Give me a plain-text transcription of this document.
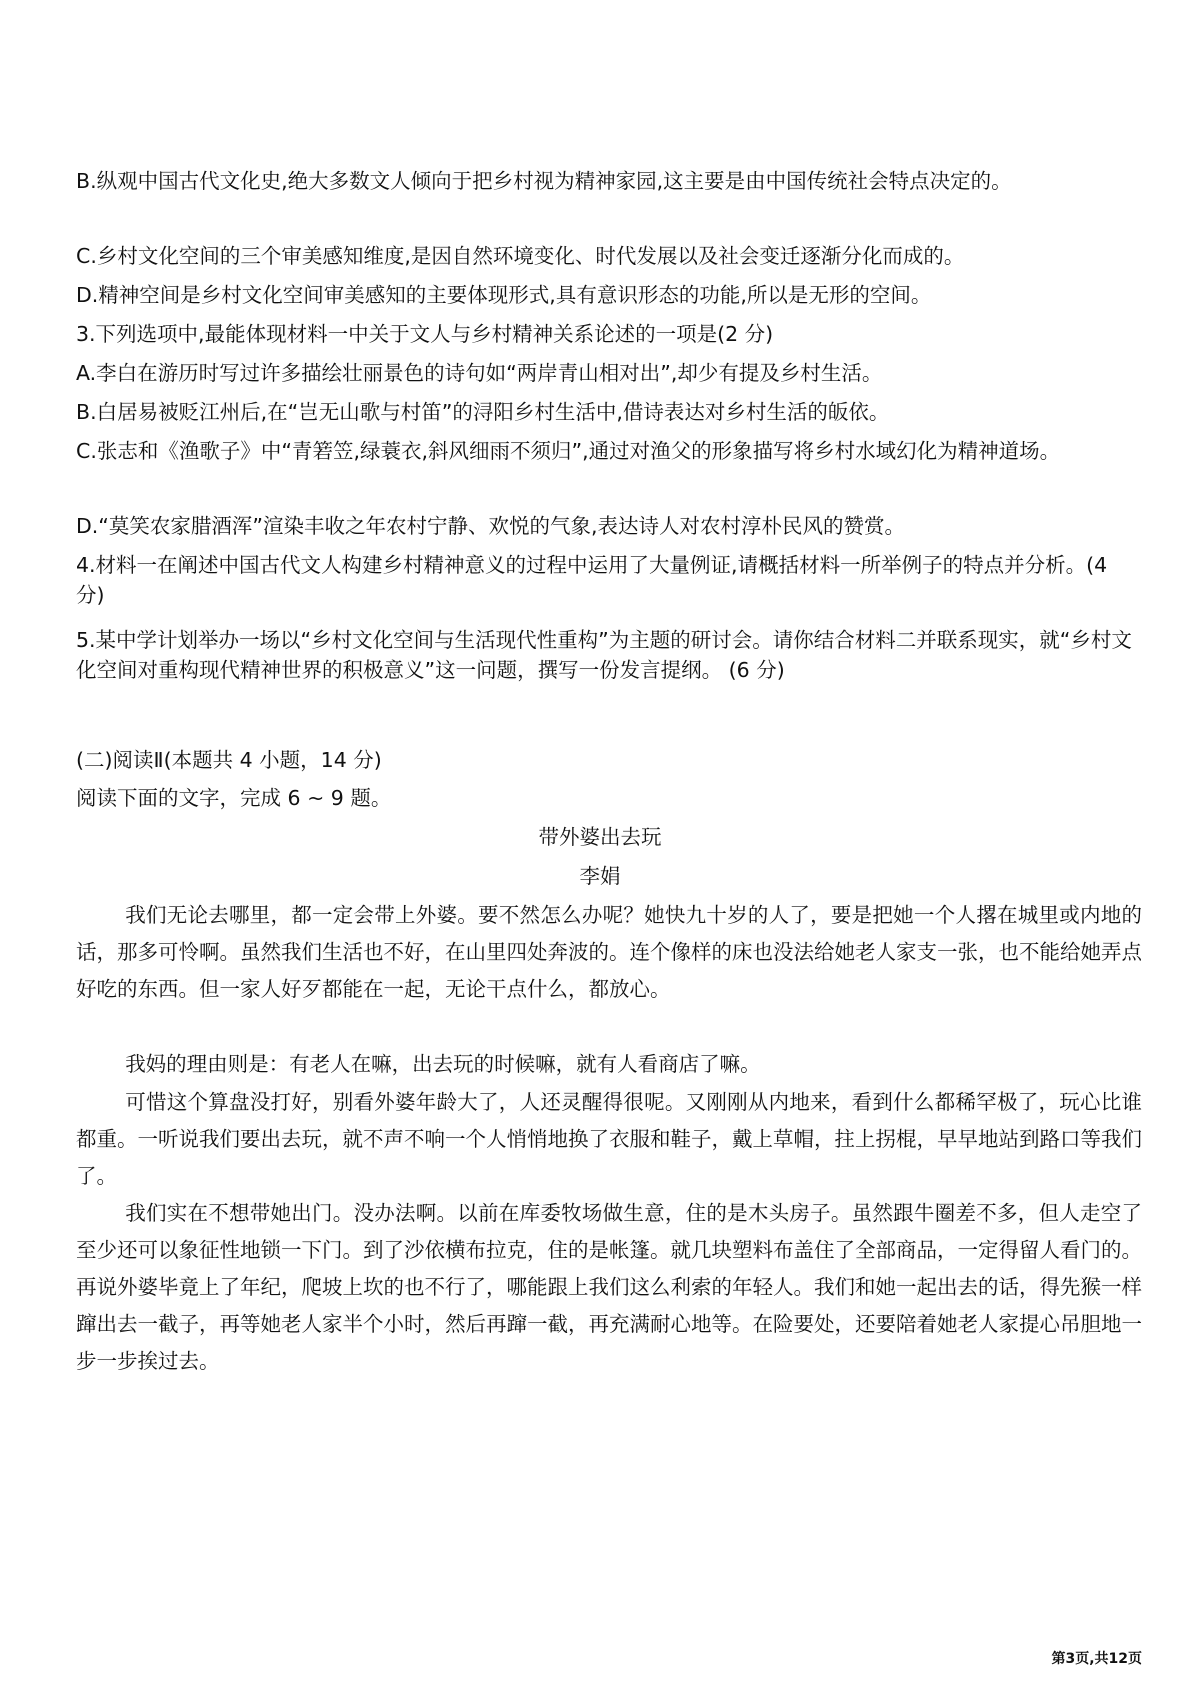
B.纵观中国古代文化史,绝大多数文人倾向于把乡村视为精神家园,这主要是由中国传统社会特点决定的。
C.乡村文化空间的三个审美感知维度,是因自然环境变化、时代发展以及社会变迁逐渐分化而成的。
D.精神空间是乡村文化空间审美感知的主要体现形式,具有意识形态的功能,所以是无形的空间。
3.下列选项中,最能体现材料一中关于文人与乡村精神关系论述的一项是(2 分)
A.李白在游历时写过许多描绘壮丽景色的诗句如“两岸青山相对出”,却少有提及乡村生活。
B.白居易被贬江州后,在“岂无山歌与村笛”的浔阳乡村生活中,借诗表达对乡村生活的皈依。
C.张志和《渔歌子》中“青箬笠,绿蓑衣,斜风细雨不须归”,通过对渔父的形象描写将乡村水域幻化为精神道场。
D.“莫笑农家腊酒浑”渲染丰收之年农村宁静、欢悦的气象,表达诗人对农村淳朴民风的赞赏。
4.材料一在阐述中国古代文人构建乡村精神意义的过程中运用了大量例证,请概括材料一所举例子的特点并分析。(4 分)
5.某中学计划举办一场以“乡村文化空间与生活现代性重构”为主题的研讨会。请你结合材料二并联系现实，就“乡村文化空间对重构现代精神世界的积极意义”这一问题，撰写一份发言提纲。 (6 分)
(二)阅读Ⅱ(本题共 4 小题，14 分)
阅读下面的文字，完成 6 ~ 9 题。
带外婆出去玩
李娟
我们无论去哪里，都一定会带上外婆。要不然怎么办呢？她快九十岁的人了，要是把她一个人撂在城里或内地的话，那多可怜啊。虽然我们生活也不好，在山里四处奔波的。连个像样的床也没法给她老人家支一张，也不能给她弄点好吃的东西。但一家人好歹都能在一起，无论干点什么，都放心。
我妈的理由则是：有老人在嘛，出去玩的时候嘛，就有人看商店了嘛。
可惜这个算盘没打好，别看外婆年龄大了，人还灵醒得很呢。又刚刚从内地来，看到什么都稀罕极了，玩心比谁都重。一听说我们要出去玩，就不声不响一个人悄悄地换了衣服和鞋子，戴上草帽，拄上拐棍，早早地站到路口等我们了。
我们实在不想带她出门。没办法啊。以前在库委牧场做生意，住的是木头房子。虽然跟牛圈差不多，但人走空了至少还可以象征性地锁一下门。到了沙依横布拉克，住的是帐篷。就几块塑料布盖住了全部商品，一定得留人看门的。再说外婆毕竟上了年纪，爬坡上坎的也不行了，哪能跟上我们这么利索的年轻人。我们和她一起出去的话，得先猴一样蹿出去一截子，再等她老人家半个小时，然后再蹿一截，再充满耐心地等。在险要处，还要陪着她老人家提心吊胆地一步一步挨过去。
第3页,共12页
